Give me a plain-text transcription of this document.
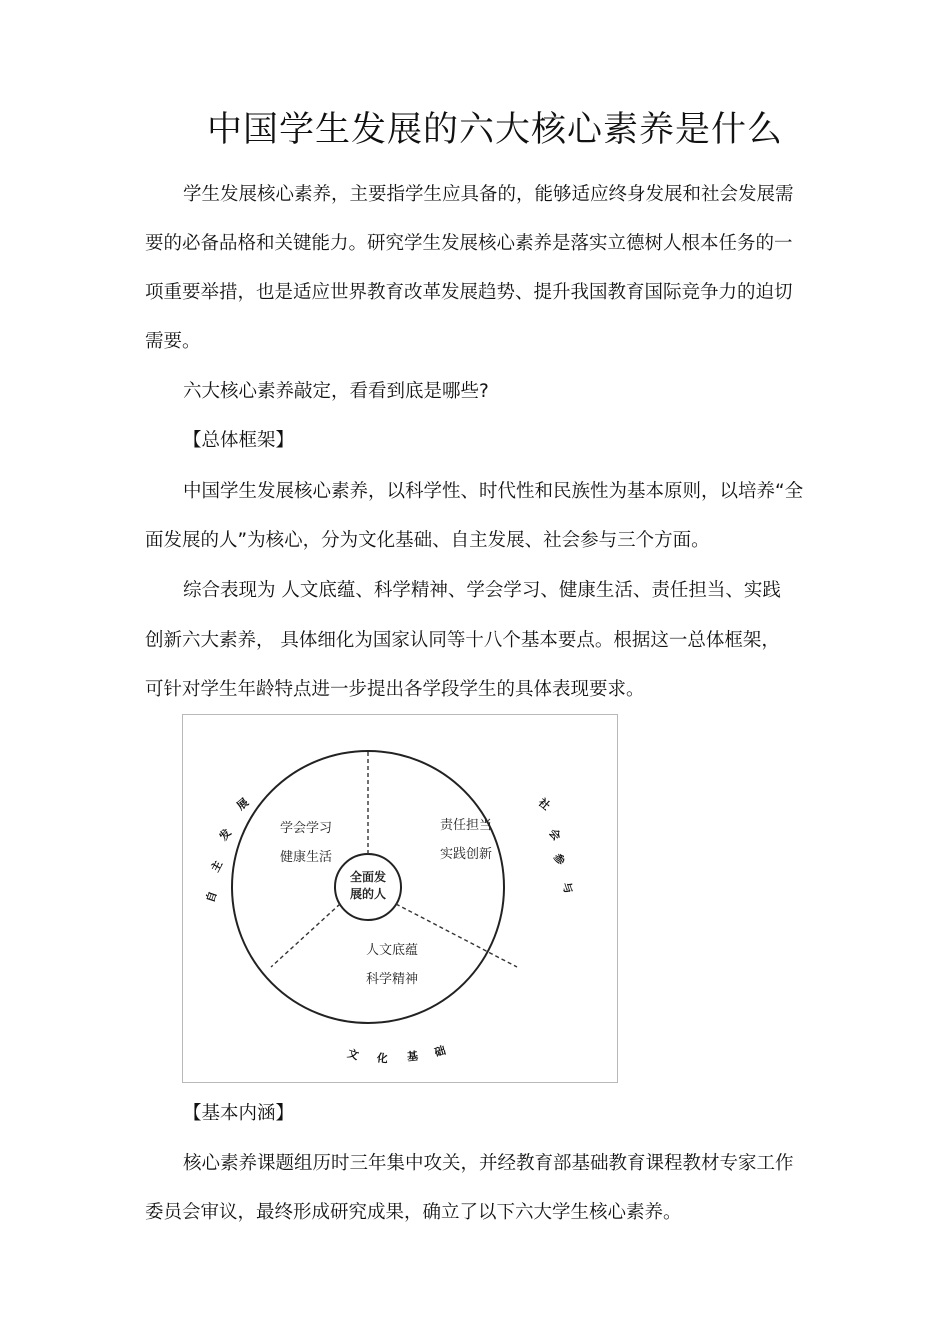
中国学生发展的六大核心素养是什么
学生发展核心素养，主要指学生应具备的，能够适应终身发展和社会发展需
要的必备品格和关键能力。研究学生发展核心素养是落实立德树人根本任务的一
项重要举措，也是适应世界教育改革发展趋势、提升我国教育国际竞争力的迫切
需要。
六大核心素养敲定，看看到底是哪些?
【总体框架】
中国学生发展核心素养，以科学性、时代性和民族性为基本原则，以培养“全
面发展的人”为核心，分为文化基础、自主发展、社会参与三个方面。
综合表现为 人文底蕴、科学精神、学会学习、健康生活、责任担当、实践
创新六大素养， 具体细化为国家认同等十八个基本要点。根据这一总体框架，
可针对学生年龄特点进一步提出各学段学生的具体表现要求。
全面发
展的人
学会学习
健康生活
责任担当
实践创新
人文底蕴
科学精神
自
主
发
展	社
会
参
与
文 化 基 础
【基本内涵】
核心素养课题组历时三年集中攻关，并经教育部基础教育课程教材专家工作
委员会审议，最终形成研究成果，确立了以下六大学生核心素养。
